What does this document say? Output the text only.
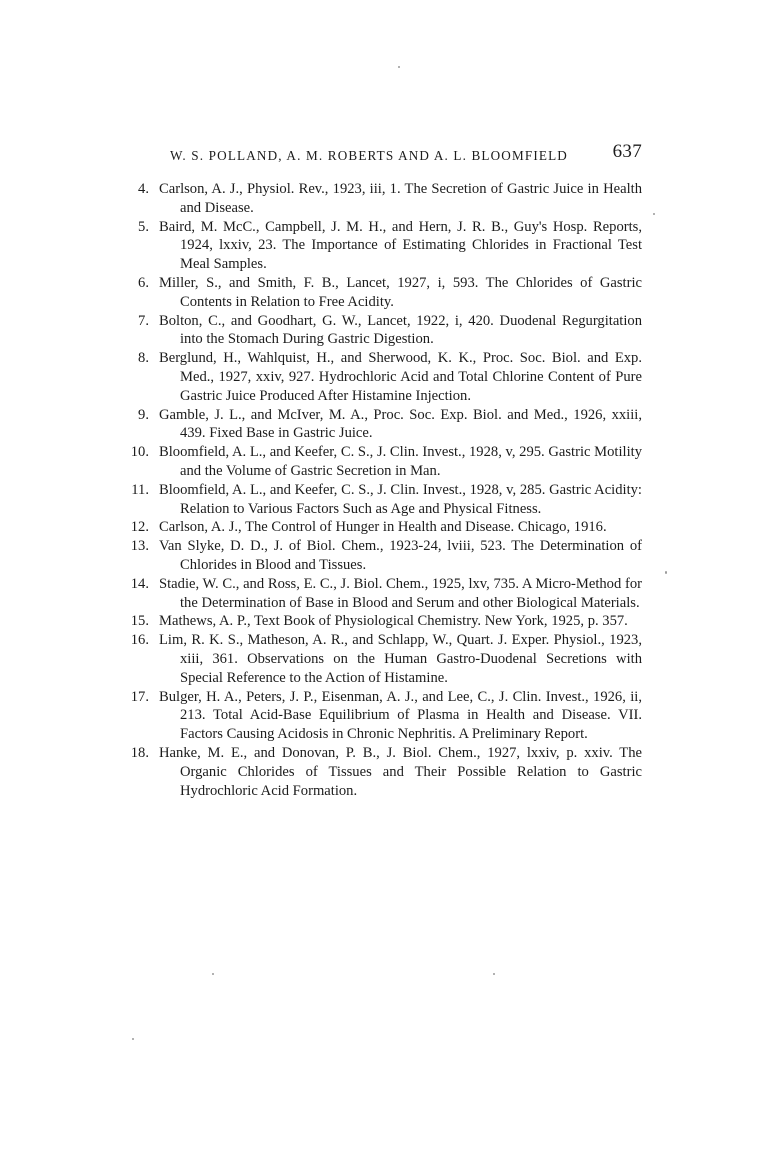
W. S. POLLAND, A. M. ROBERTS AND A. L. BLOOMFIELD 637
4. Carlson, A. J., Physiol. Rev., 1923, iii, 1. The Secretion of Gastric Juice in Health and Disease.
5. Baird, M. McC., Campbell, J. M. H., and Hern, J. R. B., Guy's Hosp. Reports, 1924, lxxiv, 23. The Importance of Estimating Chlorides in Fractional Test Meal Samples.
6. Miller, S., and Smith, F. B., Lancet, 1927, i, 593. The Chlorides of Gastric Contents in Relation to Free Acidity.
7. Bolton, C., and Goodhart, G. W., Lancet, 1922, i, 420. Duodenal Regurgitation into the Stomach During Gastric Digestion.
8. Berglund, H., Wahlquist, H., and Sherwood, K. K., Proc. Soc. Biol. and Exp. Med., 1927, xxiv, 927. Hydrochloric Acid and Total Chlorine Content of Pure Gastric Juice Produced After Histamine Injection.
9. Gamble, J. L., and McIver, M. A., Proc. Soc. Exp. Biol. and Med., 1926, xxiii, 439. Fixed Base in Gastric Juice.
10. Bloomfield, A. L., and Keefer, C. S., J. Clin. Invest., 1928, v, 295. Gastric Motility and the Volume of Gastric Secretion in Man.
11. Bloomfield, A. L., and Keefer, C. S., J. Clin. Invest., 1928, v, 285. Gastric Acidity: Relation to Various Factors Such as Age and Physical Fitness.
12. Carlson, A. J., The Control of Hunger in Health and Disease. Chicago, 1916.
13. Van Slyke, D. D., J. of Biol. Chem., 1923-24, lviii, 523. The Determination of Chlorides in Blood and Tissues.
14. Stadie, W. C., and Ross, E. C., J. Biol. Chem., 1925, lxv, 735. A Micro-Method for the Determination of Base in Blood and Serum and other Biological Materials.
15. Mathews, A. P., Text Book of Physiological Chemistry. New York, 1925, p. 357.
16. Lim, R. K. S., Matheson, A. R., and Schlapp, W., Quart. J. Exper. Physiol., 1923, xiii, 361. Observations on the Human Gastro-Duodenal Secretions with Special Reference to the Action of Histamine.
17. Bulger, H. A., Peters, J. P., Eisenman, A. J., and Lee, C., J. Clin. Invest., 1926, ii, 213. Total Acid-Base Equilibrium of Plasma in Health and Disease. VII. Factors Causing Acidosis in Chronic Nephritis. A Preliminary Report.
18. Hanke, M. E., and Donovan, P. B., J. Biol. Chem., 1927, lxxiv, p. xxiv. The Organic Chlorides of Tissues and Their Possible Relation to Gastric Hydrochloric Acid Formation.
